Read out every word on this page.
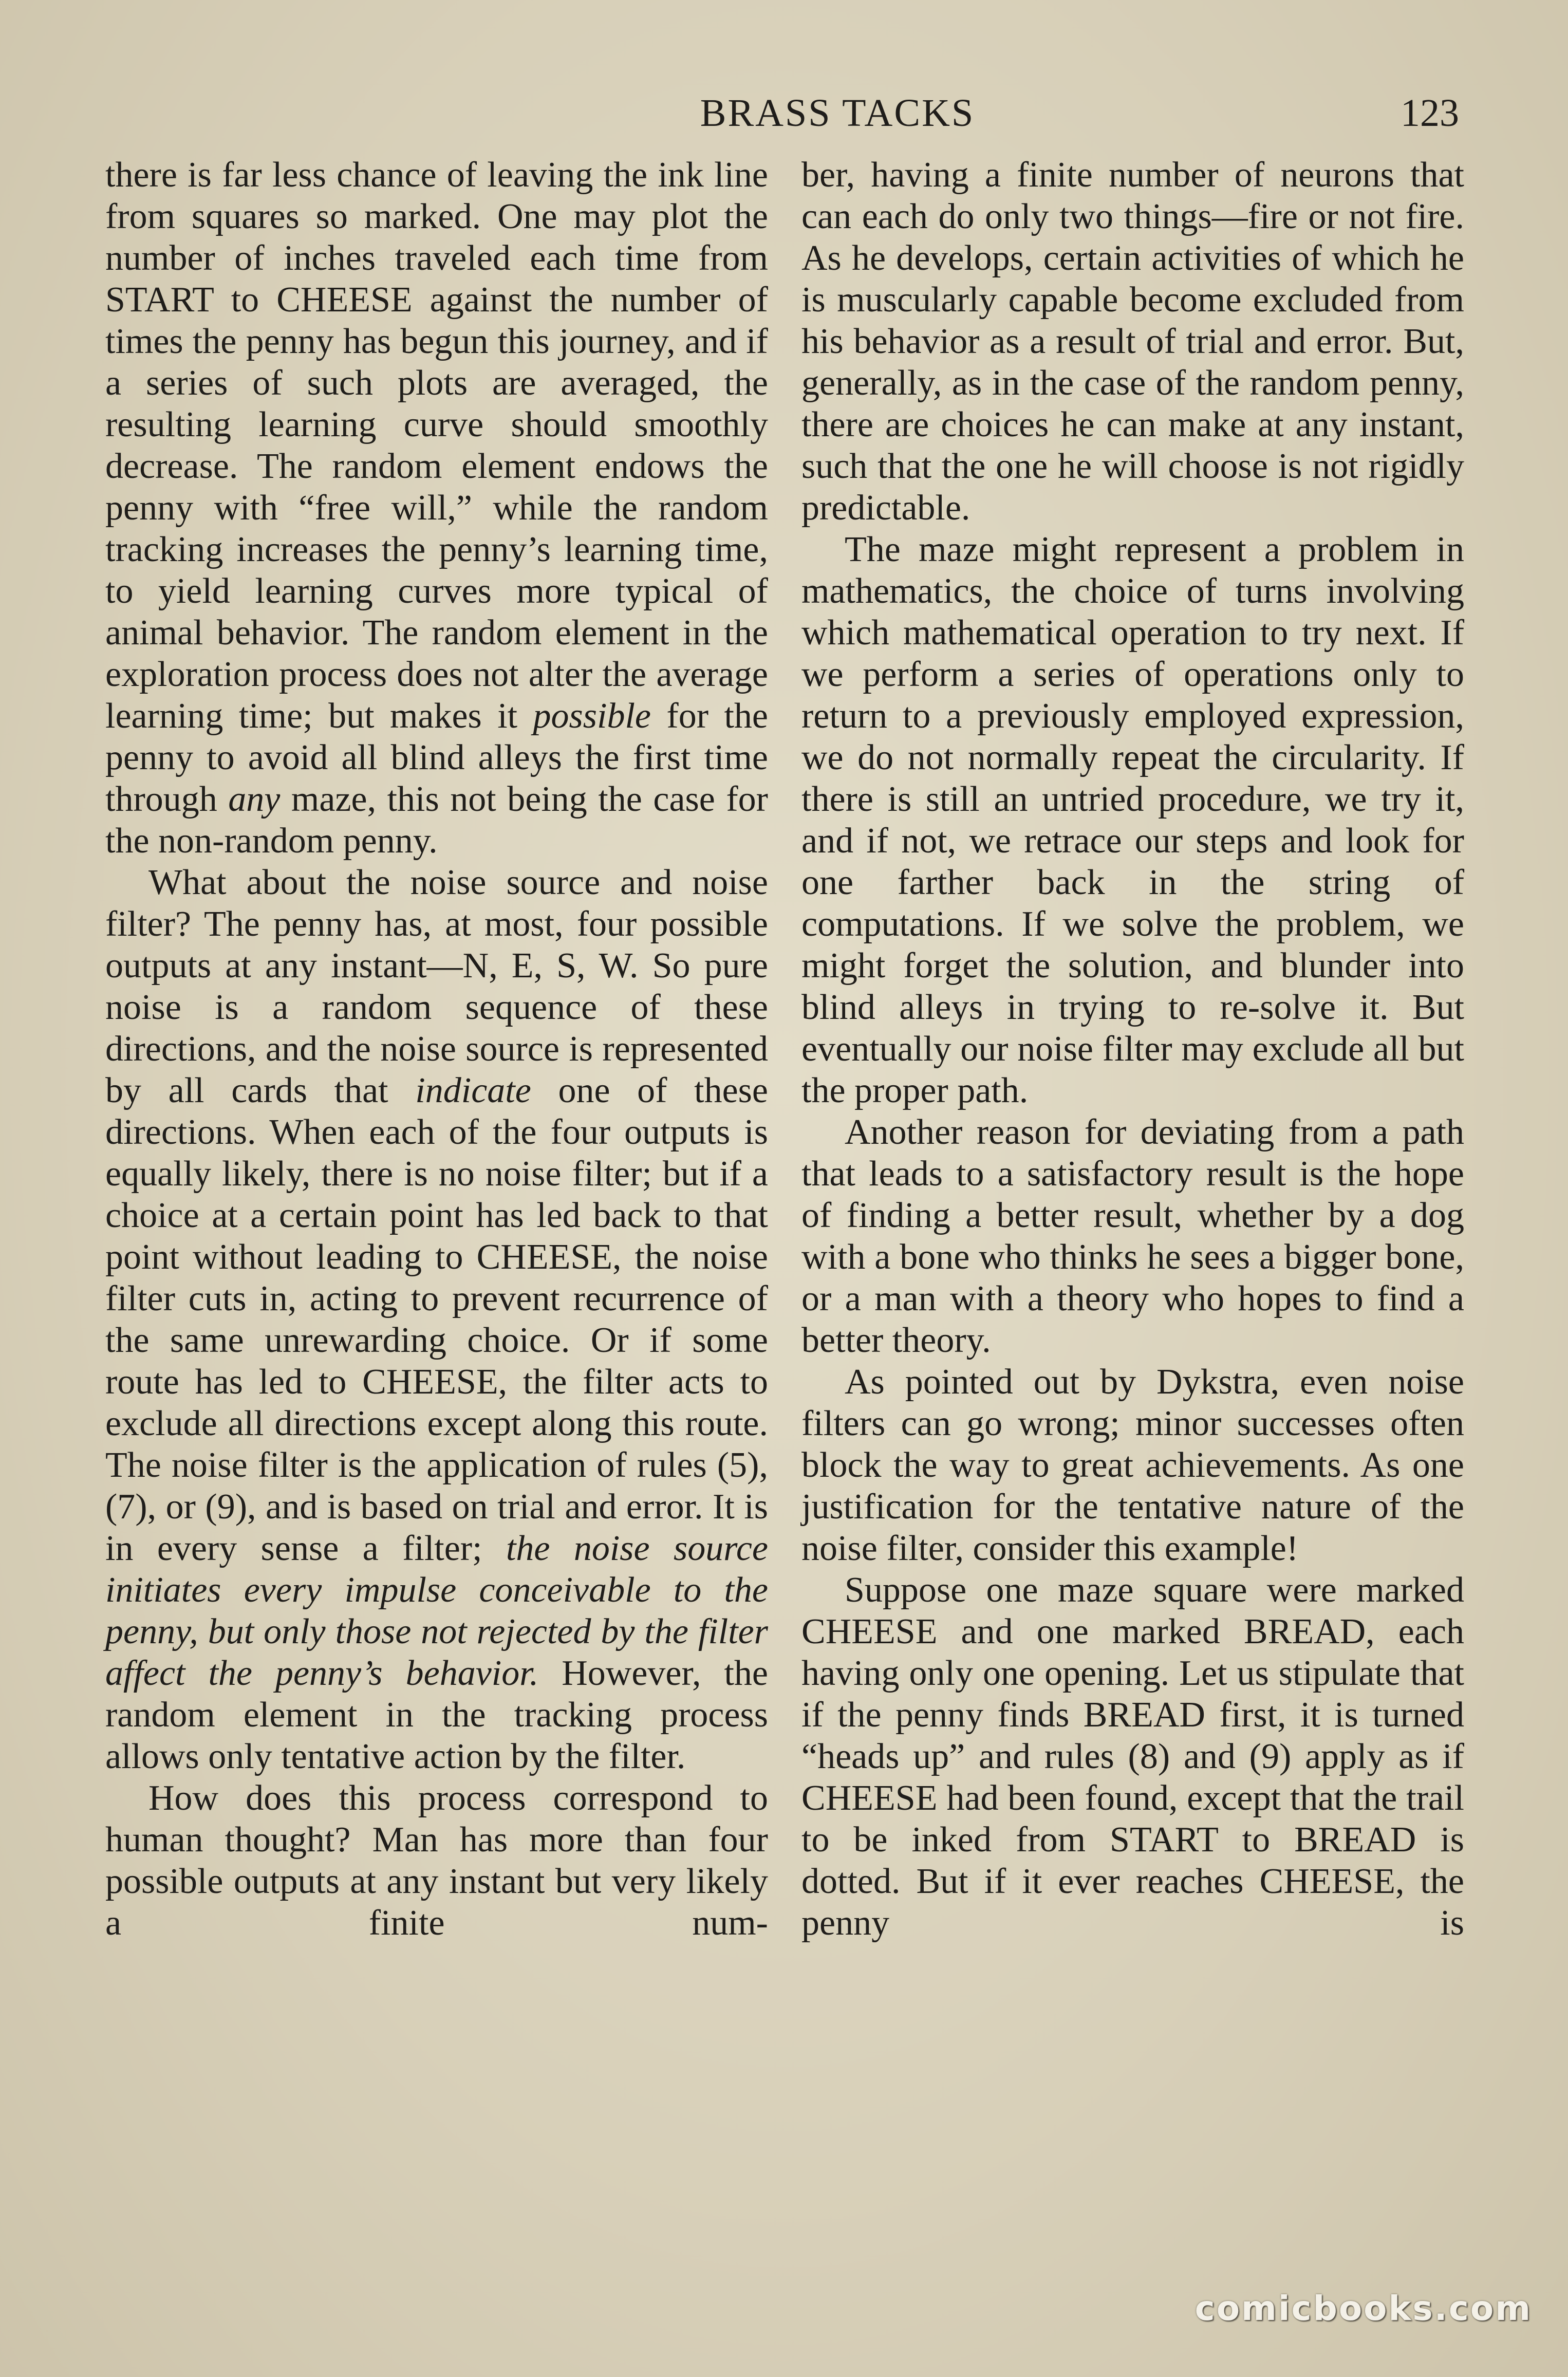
BRASS TACKS	123

there is far less chance of leaving the ink line from squares so marked. One may plot the number of inches traveled each time from START to CHEESE against the number of times the penny has begun this journey, and if a series of such plots are averaged, the resulting learning curve should smoothly decrease. The random element endows the penny with “free will,” while the random tracking increases the penny’s learning time, to yield learning curves more typical of animal behavior. The random element in the exploration process does not alter the average learning time; but makes it possible for the penny to avoid all blind alleys the first time through any maze, this not being the case for the non-random penny.

What about the noise source and noise filter? The penny has, at most, four possible outputs at any instant—N, E, S, W. So pure noise is a random sequence of these directions, and the noise source is represented by all cards that indicate one of these directions. When each of the four outputs is equally likely, there is no noise filter; but if a choice at a certain point has led back to that point without leading to CHEESE, the noise filter cuts in, acting to prevent recurrence of the same unrewarding choice. Or if some route has led to CHEESE, the filter acts to exclude all directions except along this route. The noise filter is the application of rules (5), (7), or (9), and is based on trial and error. It is in every sense a filter; the noise source initiates every impulse conceivable to the penny, but only those not rejected by the filter affect the penny’s behavior. However, the random element in the tracking process allows only tentative action by the filter.

How does this process correspond to human thought? Man has more than four possible outputs at any instant but very likely a finite num-

ber, having a finite number of neurons that can each do only two things—fire or not fire. As he develops, certain activities of which he is muscularly capable become excluded from his behavior as a result of trial and error. But, generally, as in the case of the random penny, there are choices he can make at any instant, such that the one he will choose is not rigidly predictable.

The maze might represent a problem in mathematics, the choice of turns involving which mathematical operation to try next. If we perform a series of operations only to return to a previously employed expression, we do not normally repeat the circularity. If there is still an untried procedure, we try it, and if not, we retrace our steps and look for one farther back in the string of computations. If we solve the problem, we might forget the solution, and blunder into blind alleys in trying to re-solve it. But eventually our noise filter may exclude all but the proper path.

Another reason for deviating from a path that leads to a satisfactory result is the hope of finding a better result, whether by a dog with a bone who thinks he sees a bigger bone, or a man with a theory who hopes to find a better theory.

As pointed out by Dykstra, even noise filters can go wrong; minor successes often block the way to great achievements. As one justification for the tentative nature of the noise filter, consider this example!

Suppose one maze square were marked CHEESE and one marked BREAD, each having only one opening. Let us stipulate that if the penny finds BREAD first, it is turned “heads up” and rules (8) and (9) apply as if CHEESE had been found, except that the trail to be inked from START to BREAD is dotted. But if it ever reaches CHEESE, the penny is

comicbooks.com
